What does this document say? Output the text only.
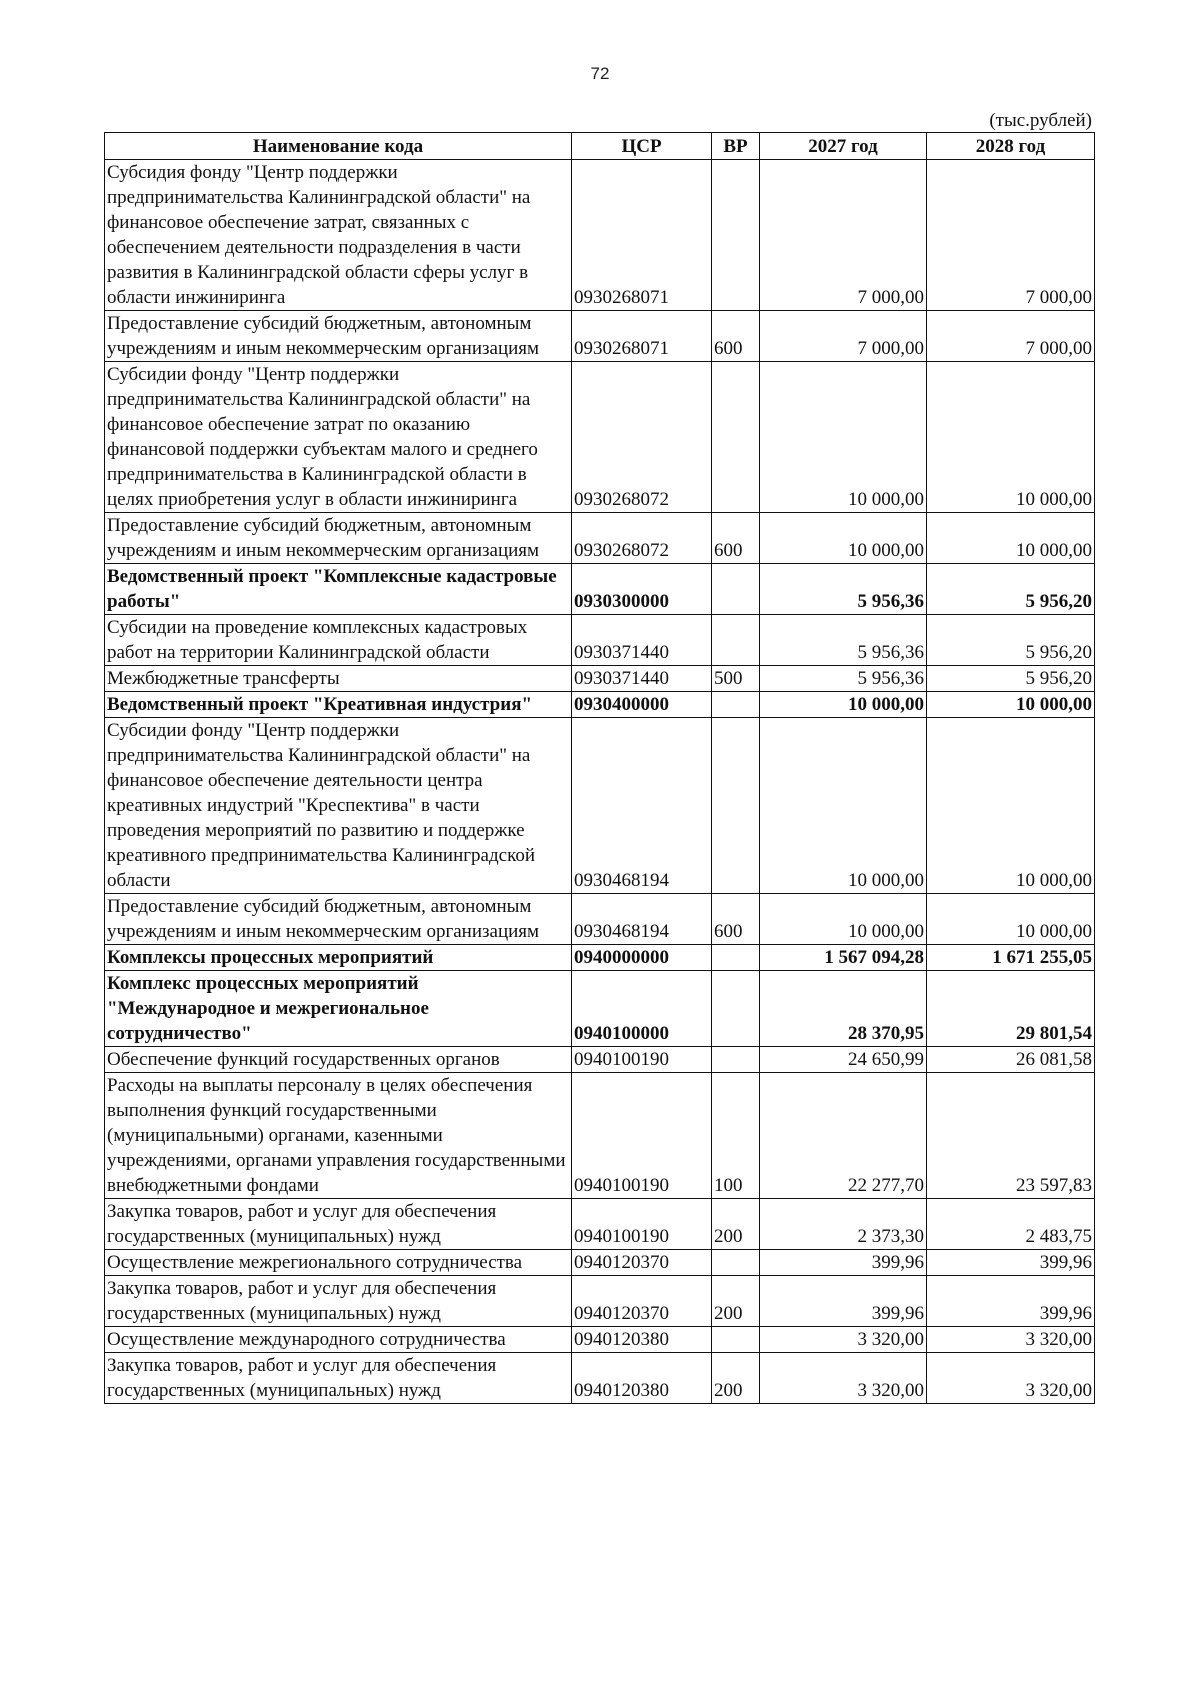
72
(тыс.рублей)
Наименование кода	ЦСР	ВР	2027 год	2028 год
Субсидия фонду "Центр поддержки предпринимательства Калининградской области" на финансовое обеспечение затрат, связанных с обеспечением деятельности подразделения в части развития в Калининградской области сферы услуг в области инжиниринга	0930268071		7 000,00	7 000,00
Предоставление субсидий бюджетным, автономным учреждениям и иным некоммерческим организациям	0930268071	600	7 000,00	7 000,00
Субсидии фонду "Центр поддержки предпринимательства Калининградской области" на финансовое обеспечение затрат по оказанию финансовой поддержки субъектам малого и среднего предпринимательства в Калининградской области в целях приобретения услуг в области инжиниринга	0930268072		10 000,00	10 000,00
Предоставление субсидий бюджетным, автономным учреждениям и иным некоммерческим организациям	0930268072	600	10 000,00	10 000,00
Ведомственный проект "Комплексные кадастровые работы"	0930300000		5 956,36	5 956,20
Субсидии на проведение комплексных кадастровых работ на территории Калининградской области	0930371440		5 956,36	5 956,20
Межбюджетные трансферты	0930371440	500	5 956,36	5 956,20
Ведомственный проект "Креативная индустрия"	0930400000		10 000,00	10 000,00
Субсидии фонду "Центр поддержки предпринимательства Калининградской области" на финансовое обеспечение деятельности центра креативных индустрий "Креспектива" в части проведения мероприятий по развитию и поддержке креативного предпринимательства Калининградской области	0930468194		10 000,00	10 000,00
Предоставление субсидий бюджетным, автономным учреждениям и иным некоммерческим организациям	0930468194	600	10 000,00	10 000,00
Комплексы процессных мероприятий	0940000000		1 567 094,28	1 671 255,05
Комплекс процессных мероприятий "Международное и межрегиональное сотрудничество"	0940100000		28 370,95	29 801,54
Обеспечение функций государственных органов	0940100190		24 650,99	26 081,58
Расходы на выплаты персоналу в целях обеспечения выполнения функций государственными (муниципальными) органами, казенными учреждениями, органами управления государственными внебюджетными фондами	0940100190	100	22 277,70	23 597,83
Закупка товаров, работ и услуг для обеспечения государственных (муниципальных) нужд	0940100190	200	2 373,30	2 483,75
Осуществление межрегионального сотрудничества	0940120370		399,96	399,96
Закупка товаров, работ и услуг для обеспечения государственных (муниципальных) нужд	0940120370	200	399,96	399,96
Осуществление международного сотрудничества	0940120380		3 320,00	3 320,00
Закупка товаров, работ и услуг для обеспечения государственных (муниципальных) нужд	0940120380	200	3 320,00	3 320,00
